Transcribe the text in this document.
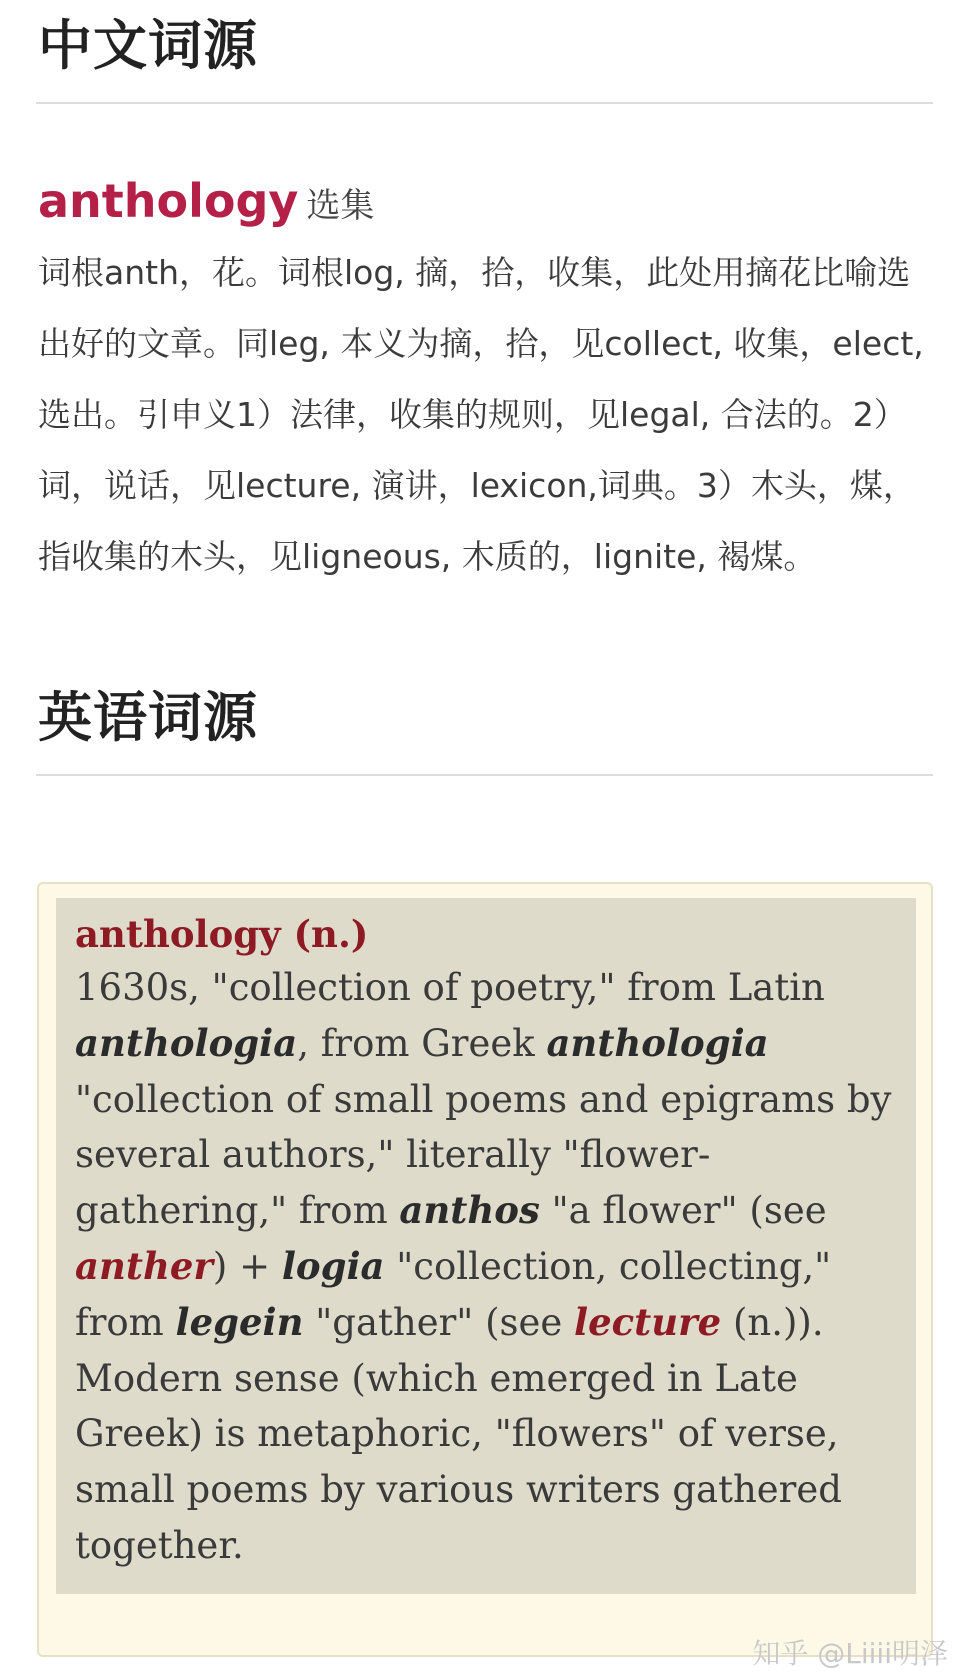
中文词源
anthology 选集

词根anth，花。词根log, 摘，拾，收集，此处用摘花比喻选出好的文章。同leg, 本义为摘，拾，见collect, 收集，elect, 选出。引申义1）法律，收集的规则，见legal, 合法的。2）词，说话，见lecture, 演讲，lexicon,词典。3）木头，煤，指收集的木头，见ligneous, 木质的，lignite, 褐煤。

英语词源
anthology (n.)

1630s, "collection of poetry," from Latin anthologia, from Greek anthologia "collection of small poems and epigrams by several authors," literally "flower-gathering," from anthos "a flower" (see anther) + logia "collection, collecting," from legein "gather" (see lecture (n.)). Modern sense (which emerged in Late Greek) is metaphoric, "flowers" of verse, small poems by various writers gathered together.

知乎 @Liiii明泽
